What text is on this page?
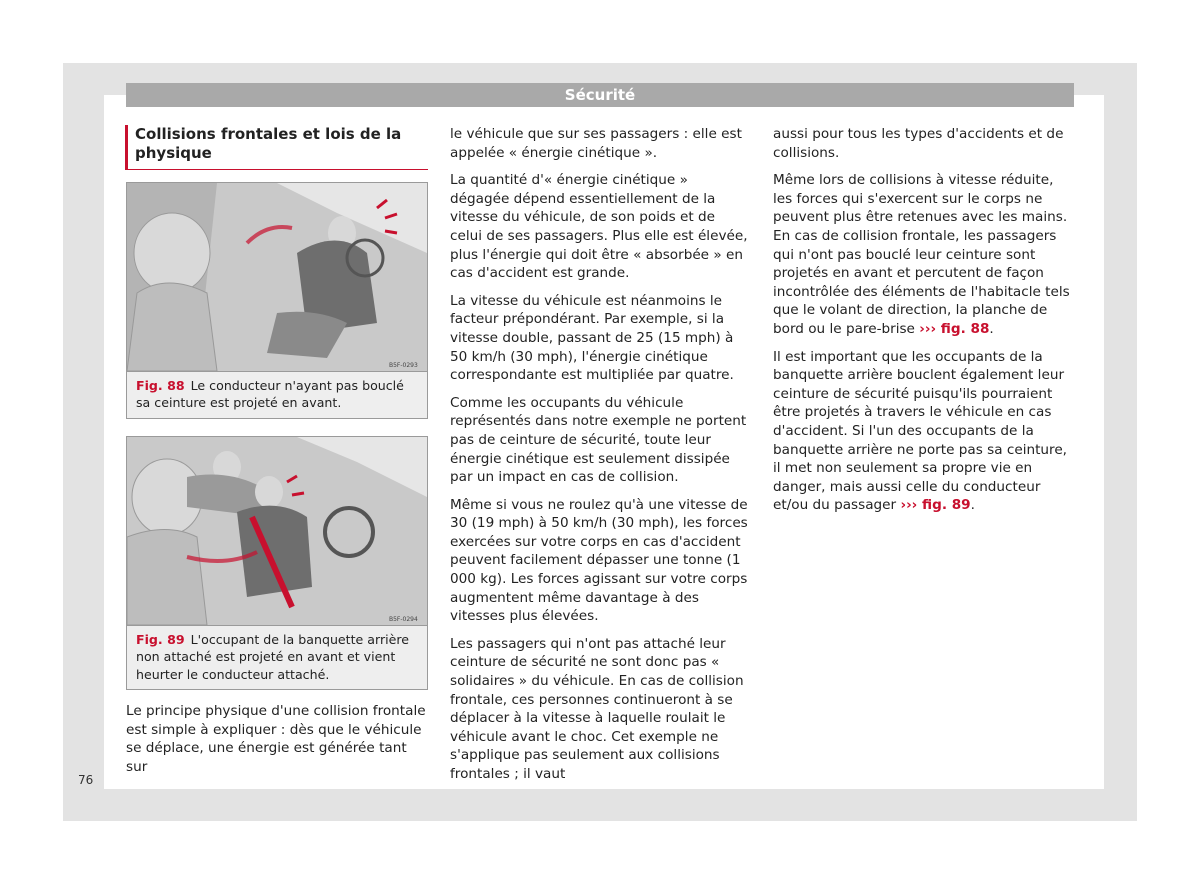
Sécurité
Collisions frontales et lois de la physique
B5F-0293
Fig. 88 Le conducteur n'ayant pas bouclé sa ceinture est projeté en avant.
B5F-0294
Fig. 89 L'occupant de la banquette arrière non attaché est projeté en avant et vient heurter le conducteur attaché.

Le principe physique d'une collision frontale est simple à expliquer : dès que le véhicule se déplace, une énergie est générée tant sur

le véhicule que sur ses passagers : elle est appelée « énergie cinétique ».

La quantité d'« énergie cinétique » dégagée dépend essentiellement de la vitesse du véhicule, de son poids et de celui de ses passagers. Plus elle est élevée, plus l'énergie qui doit être « absorbée » en cas d'accident est grande.

La vitesse du véhicule est néanmoins le facteur prépondérant. Par exemple, si la vitesse double, passant de 25 (15 mph) à 50 km/h (30 mph), l'énergie cinétique correspondante est multipliée par quatre.

Comme les occupants du véhicule représentés dans notre exemple ne portent pas de ceinture de sécurité, toute leur énergie cinétique est seulement dissipée par un impact en cas de collision.

Même si vous ne roulez qu'à une vitesse de 30 (19 mph) à 50 km/h (30 mph), les forces exercées sur votre corps en cas d'accident peuvent facilement dépasser une tonne (1 000 kg). Les forces agissant sur votre corps augmentent même davantage à des vitesses plus élevées.

Les passagers qui n'ont pas attaché leur ceinture de sécurité ne sont donc pas « solidaires » du véhicule. En cas de collision frontale, ces personnes continueront à se déplacer à la vitesse à laquelle roulait le véhicule avant le choc. Cet exemple ne s'applique pas seulement aux collisions frontales ; il vaut

aussi pour tous les types d'accidents et de collisions.

Même lors de collisions à vitesse réduite, les forces qui s'exercent sur le corps ne peuvent plus être retenues avec les mains. En cas de collision frontale, les passagers qui n'ont pas bouclé leur ceinture sont projetés en avant et percutent de façon incontrôlée des éléments de l'habitacle tels que le volant de direction, la planche de bord ou le pare-brise ››› fig. 88.

Il est important que les occupants de la banquette arrière bouclent également leur ceinture de sécurité puisqu'ils pourraient être projetés à travers le véhicule en cas d'accident. Si l'un des occupants de la banquette arrière ne porte pas sa ceinture, il met non seulement sa propre vie en danger, mais aussi celle du conducteur et/ou du passager ››› fig. 89.

76
